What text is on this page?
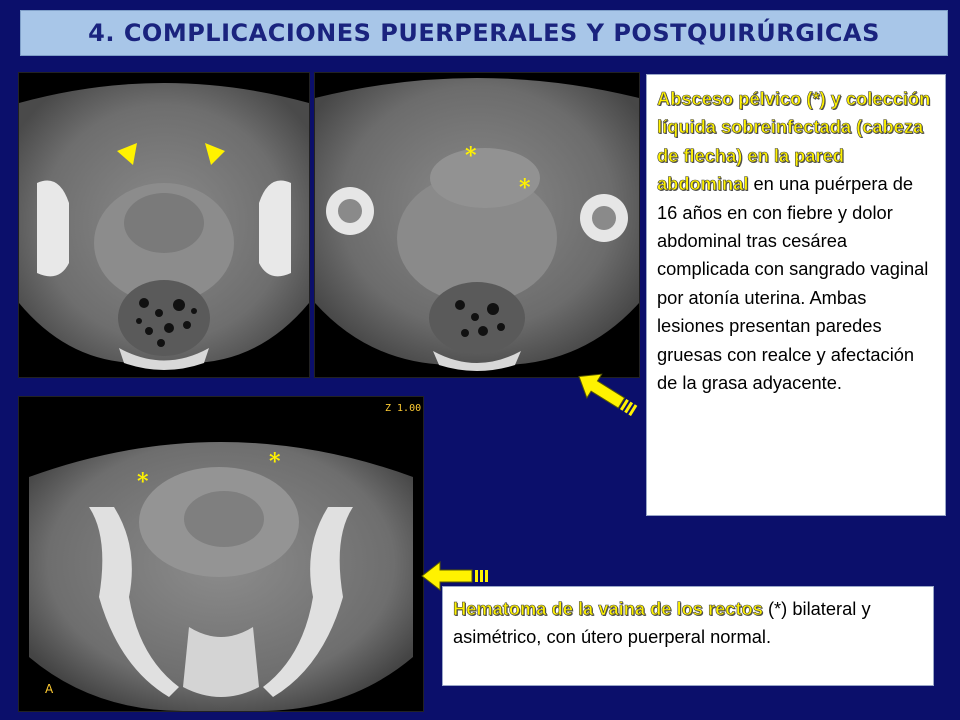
4. COMPLICACIONES PUERPERALES Y POSTQUIRÚRGICAS
*
*
*
*
Z 1.00
A

Absceso pélvico (*) y colección líquida sobreinfectada (cabeza de flecha) en la pared abdominal en una puérpera de 16 años en con fiebre y dolor abdominal tras cesárea complicada con sangrado vaginal por atonía uterina. Ambas lesiones presentan paredes gruesas con realce y afectación de la grasa adyacente.

Hematoma de la vaina de los rectos (*) bilateral y asimétrico, con útero puerperal normal.
